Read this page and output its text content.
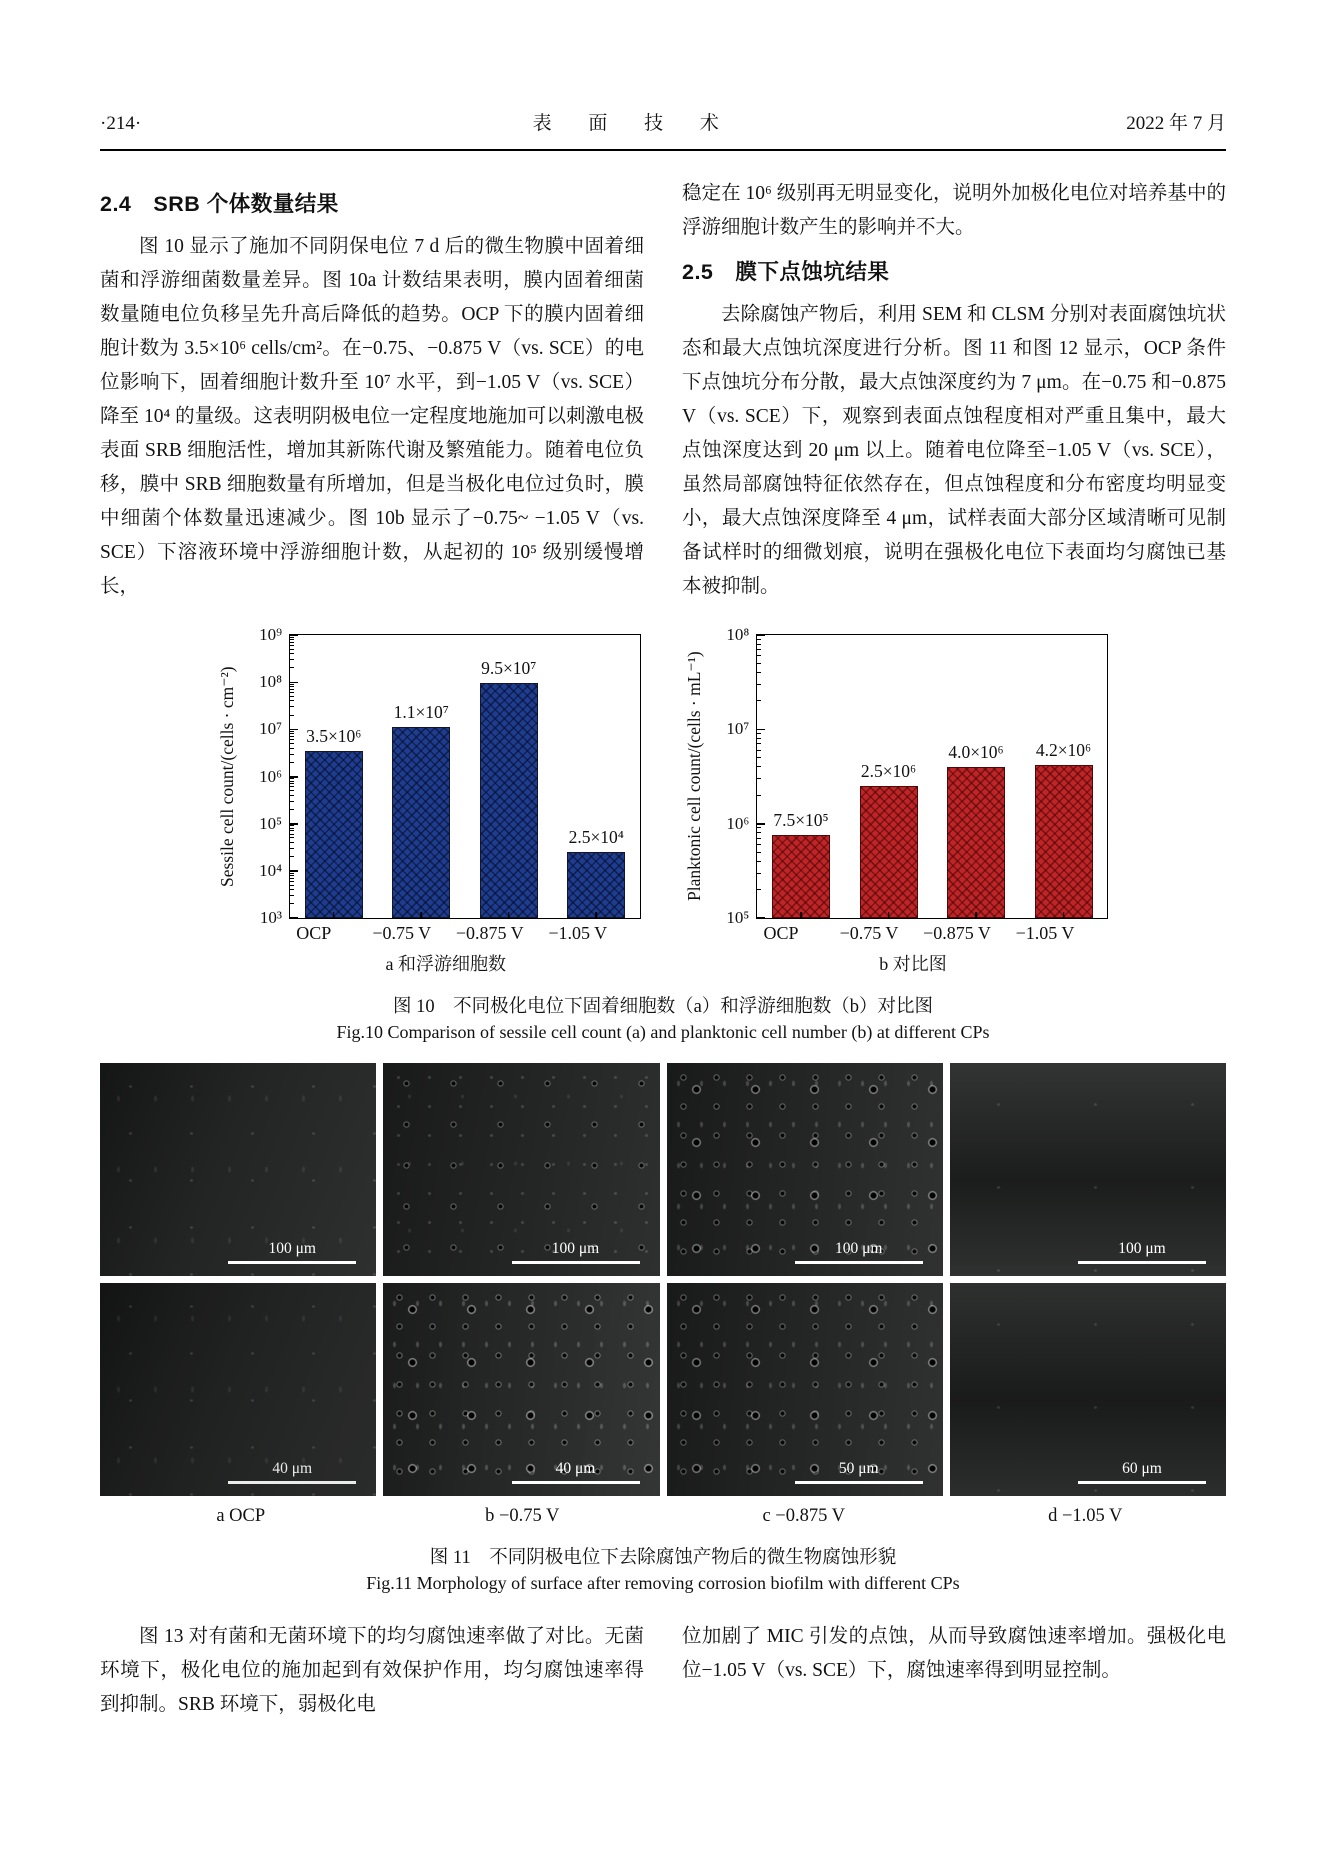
·214·	表 面 技 术	2022 年 7 月
2.4 SRB 个体数量结果

图 10 显示了施加不同阴保电位 7 d 后的微生物膜中固着细菌和浮游细菌数量差异。图 10a 计数结果表明，膜内固着细菌数量随电位负移呈先升高后降低的趋势。OCP 下的膜内固着细胞计数为 3.5×10⁶ cells/cm²。在−0.75、−0.875 V（vs. SCE）的电位影响下，固着细胞计数升至 10⁷ 水平，到−1.05 V（vs. SCE）降至 10⁴ 的量级。这表明阴极电位一定程度地施加可以刺激电极表面 SRB 细胞活性，增加其新陈代谢及繁殖能力。随着电位负移，膜中 SRB 细胞数量有所增加，但是当极化电位过负时，膜中细菌个体数量迅速减少。图 10b 显示了−0.75~ −1.05 V（vs. SCE）下溶液环境中浮游细胞计数，从起初的 10⁵ 级别缓慢增长，

稳定在 10⁶ 级别再无明显变化，说明外加极化电位对培养基中的浮游细胞计数产生的影响并不大。

2.5 膜下点蚀坑结果

去除腐蚀产物后，利用 SEM 和 CLSM 分别对表面腐蚀坑状态和最大点蚀坑深度进行分析。图 11 和图 12 显示，OCP 条件下点蚀坑分布分散，最大点蚀深度约为 7 μm。在−0.75 和−0.875 V（vs. SCE）下，观察到表面点蚀程度相对严重且集中，最大点蚀深度达到 20 μm 以上。随着电位降至−1.05 V（vs. SCE），虽然局部腐蚀特征依然存在，但点蚀程度和分布密度均明显变小，最大点蚀深度降至 4 μm，试样表面大部分区域清晰可见制备试样时的细微划痕，说明在强极化电位下表面均匀腐蚀已基本被抑制。

Sessile cell count/(cells · cm⁻²)
10³
10⁴
10⁵
10⁶
10⁷
10⁸
10⁹
3.5×10⁶
1.1×10⁷
9.5×10⁷
2.5×10⁴
OCP	−0.75 V	−0.875 V	−1.05 V
a 和浮游细胞数
Planktonic cell count/(cells · mL⁻¹)
10⁵
10⁶
10⁷
10⁸
7.5×10⁵
2.5×10⁶
4.0×10⁶	4.2×10⁶
OCP	−0.75 V	−0.875 V	−1.05 V
b 对比图
图 10　不同极化电位下固着细胞数（a）和浮游细胞数（b）对比图
Fig.10 Comparison of sessile cell count (a) and planktonic cell number (b) at different CPs
100 μm	100 μm	100 μm	100 μm
40 μm	40 μm	50 μm	60 μm
a OCP	b −0.75 V	c −0.875 V	d −1.05 V
图 11　不同阴极电位下去除腐蚀产物后的微生物腐蚀形貌
Fig.11 Morphology of surface after removing corrosion biofilm with different CPs

图 13 对有菌和无菌环境下的均匀腐蚀速率做了对比。无菌环境下，极化电位的施加起到有效保护作用，均匀腐蚀速率得到抑制。SRB 环境下，弱极化电

位加剧了 MIC 引发的点蚀，从而导致腐蚀速率增加。强极化电位−1.05 V（vs. SCE）下，腐蚀速率得到明显控制。
